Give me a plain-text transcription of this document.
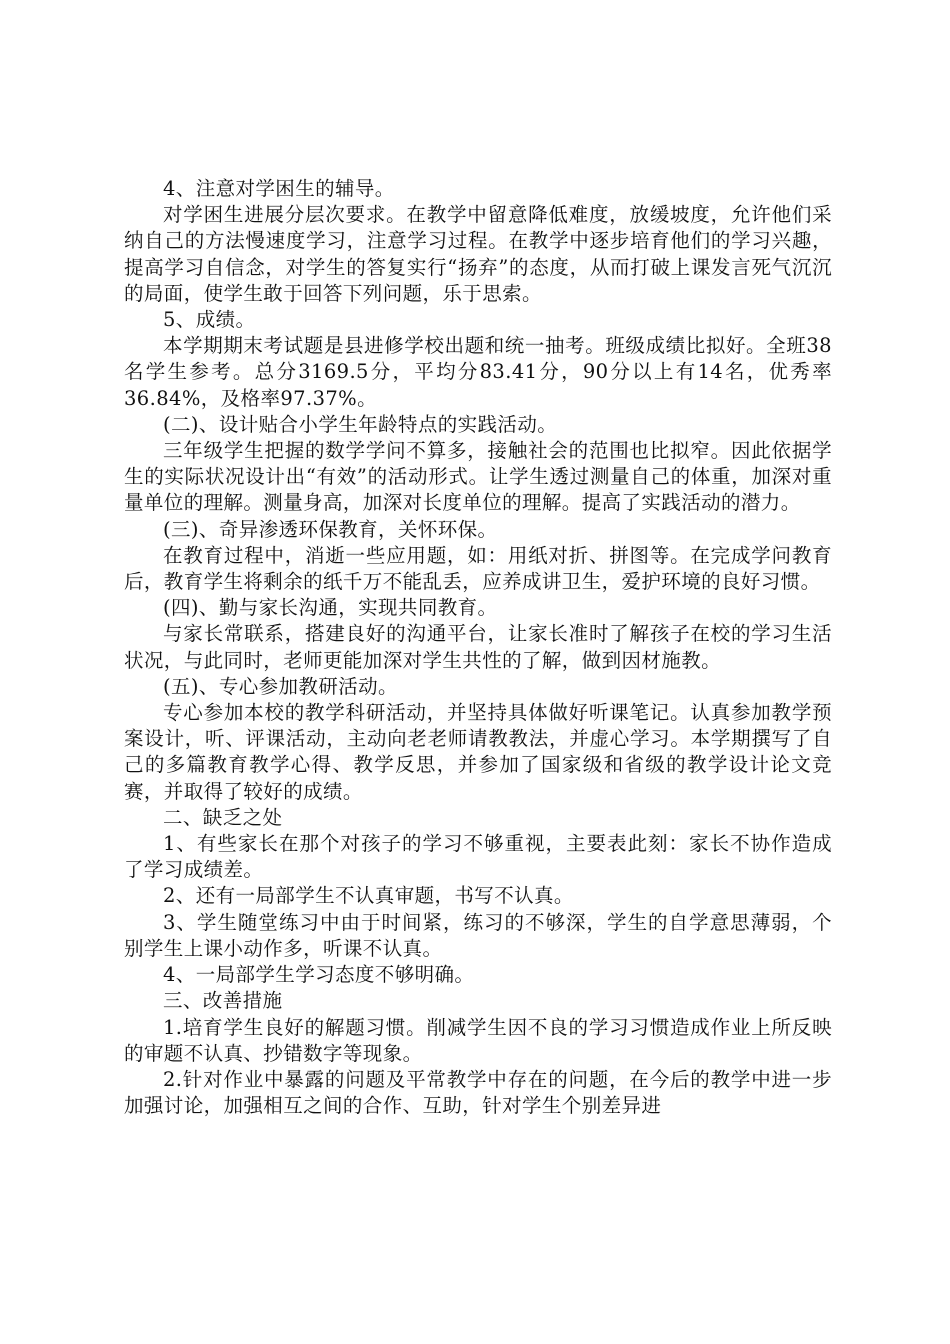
4、注意对学困生的辅导。

对学困生进展分层次要求。在教学中留意降低难度，放缓坡度，允许他们采纳自己的方法慢速度学习，注意学习过程。在教学中逐步培育他们的学习兴趣，提高学习自信念，对学生的答复实行“扬弃”的态度，从而打破上课发言死气沉沉的局面，使学生敢于回答下列问题，乐于思索。

5、成绩。

本学期期末考试题是县进修学校出题和统一抽考。班级成绩比拟好。全班38名学生参考。总分3169.5分，平均分83.41分，90分以上有14名，优秀率36.84%，及格率97.37%。

(二)、设计贴合小学生年龄特点的实践活动。

三年级学生把握的数学学问不算多，接触社会的范围也比拟窄。因此依据学生的实际状况设计出“有效”的活动形式。让学生透过测量自己的体重，加深对重量单位的理解。测量身高，加深对长度单位的理解。提高了实践活动的潜力。

(三)、奇异渗透环保教育，关怀环保。

在教育过程中，消逝一些应用题，如：用纸对折、拼图等。在完成学问教育后，教育学生将剩余的纸千万不能乱丢，应养成讲卫生，爱护环境的良好习惯。

(四)、勤与家长沟通，实现共同教育。

与家长常联系，搭建良好的沟通平台，让家长准时了解孩子在校的学习生活状况，与此同时，老师更能加深对学生共性的了解，做到因材施教。

(五)、专心参加教研活动。

专心参加本校的教学科研活动，并坚持具体做好听课笔记。认真参加教学预案设计，听、评课活动，主动向老老师请教教法，并虚心学习。本学期撰写了自己的多篇教育教学心得、教学反思，并参加了国家级和省级的教学设计论文竞赛，并取得了较好的成绩。

二、缺乏之处

1、有些家长在那个对孩子的学习不够重视，主要表此刻：家长不协作造成了学习成绩差。

2、还有一局部学生不认真审题，书写不认真。

3、学生随堂练习中由于时间紧，练习的不够深，学生的自学意思薄弱，个别学生上课小动作多，听课不认真。

4、一局部学生学习态度不够明确。

三、改善措施

1.培育学生良好的解题习惯。削减学生因不良的学习习惯造成作业上所反映的审题不认真、抄错数字等现象。

2.针对作业中暴露的问题及平常教学中存在的问题，在今后的教学中进一步加强讨论，加强相互之间的合作、互助，针对学生个别差异进
